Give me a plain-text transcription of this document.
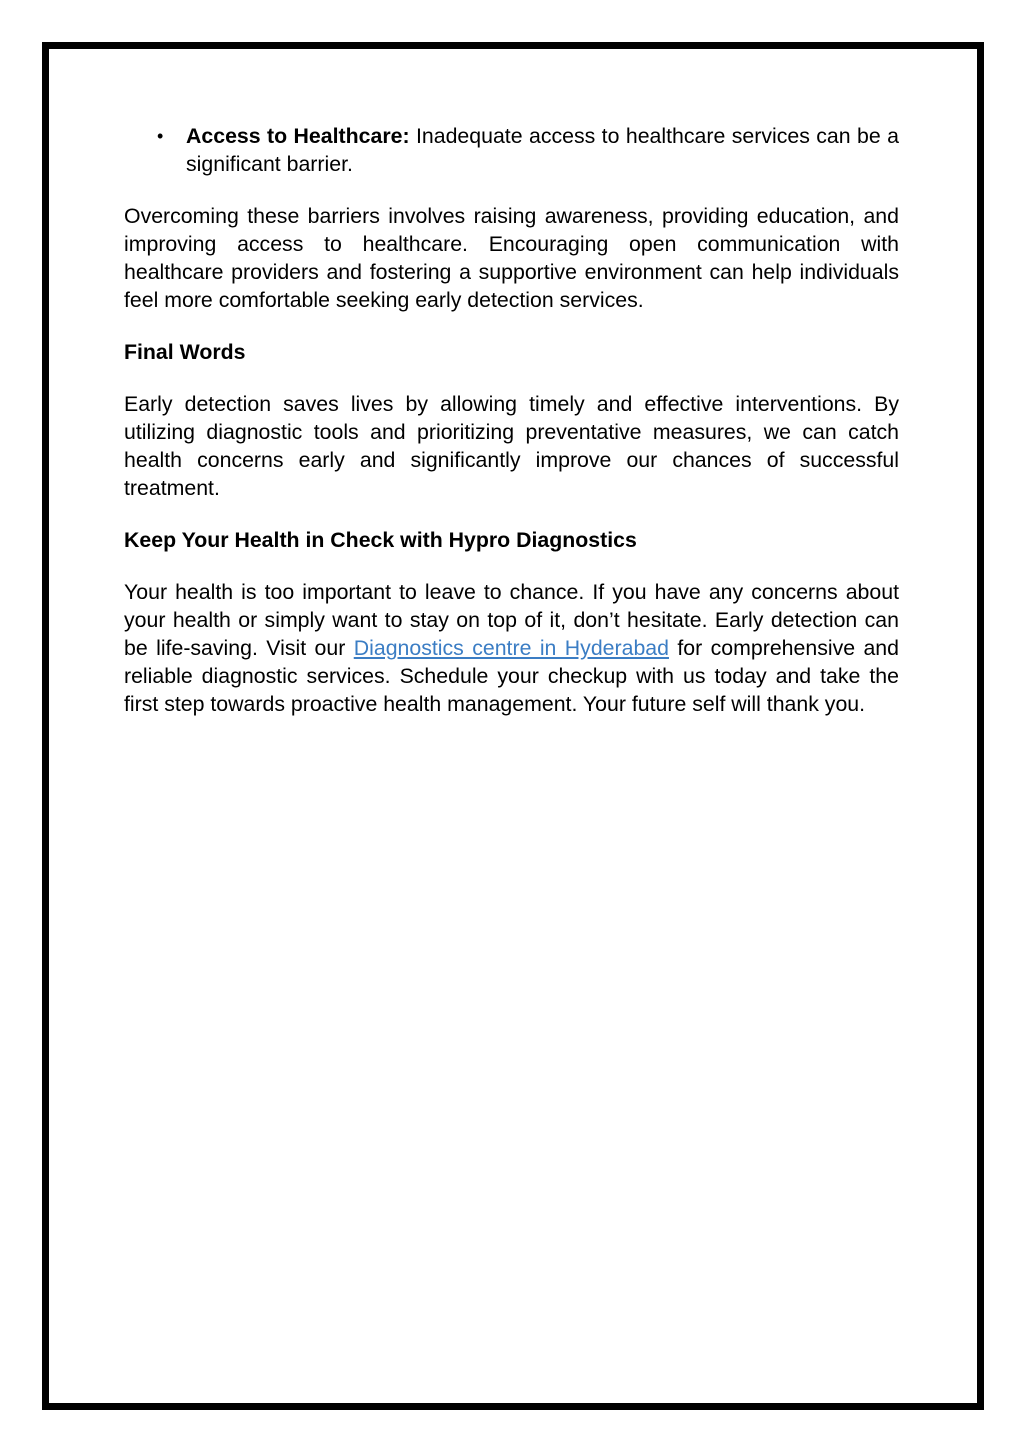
• Access to Healthcare: Inadequate access to healthcare services can be a significant barrier.

Overcoming these barriers involves raising awareness, providing education, and improving access to healthcare. Encouraging open communication with healthcare providers and fostering a supportive environment can help individuals feel more comfortable seeking early detection services.

Final Words

Early detection saves lives by allowing timely and effective interventions. By utilizing diagnostic tools and prioritizing preventative measures, we can catch health concerns early and significantly improve our chances of successful treatment.

Keep Your Health in Check with Hypro Diagnostics

Your health is too important to leave to chance. If you have any concerns about your health or simply want to stay on top of it, don’t hesitate. Early detection can be life-saving. Visit our Diagnostics centre in Hyderabad for comprehensive and reliable diagnostic services. Schedule your checkup with us today and take the first step towards proactive health management. Your future self will thank you.
